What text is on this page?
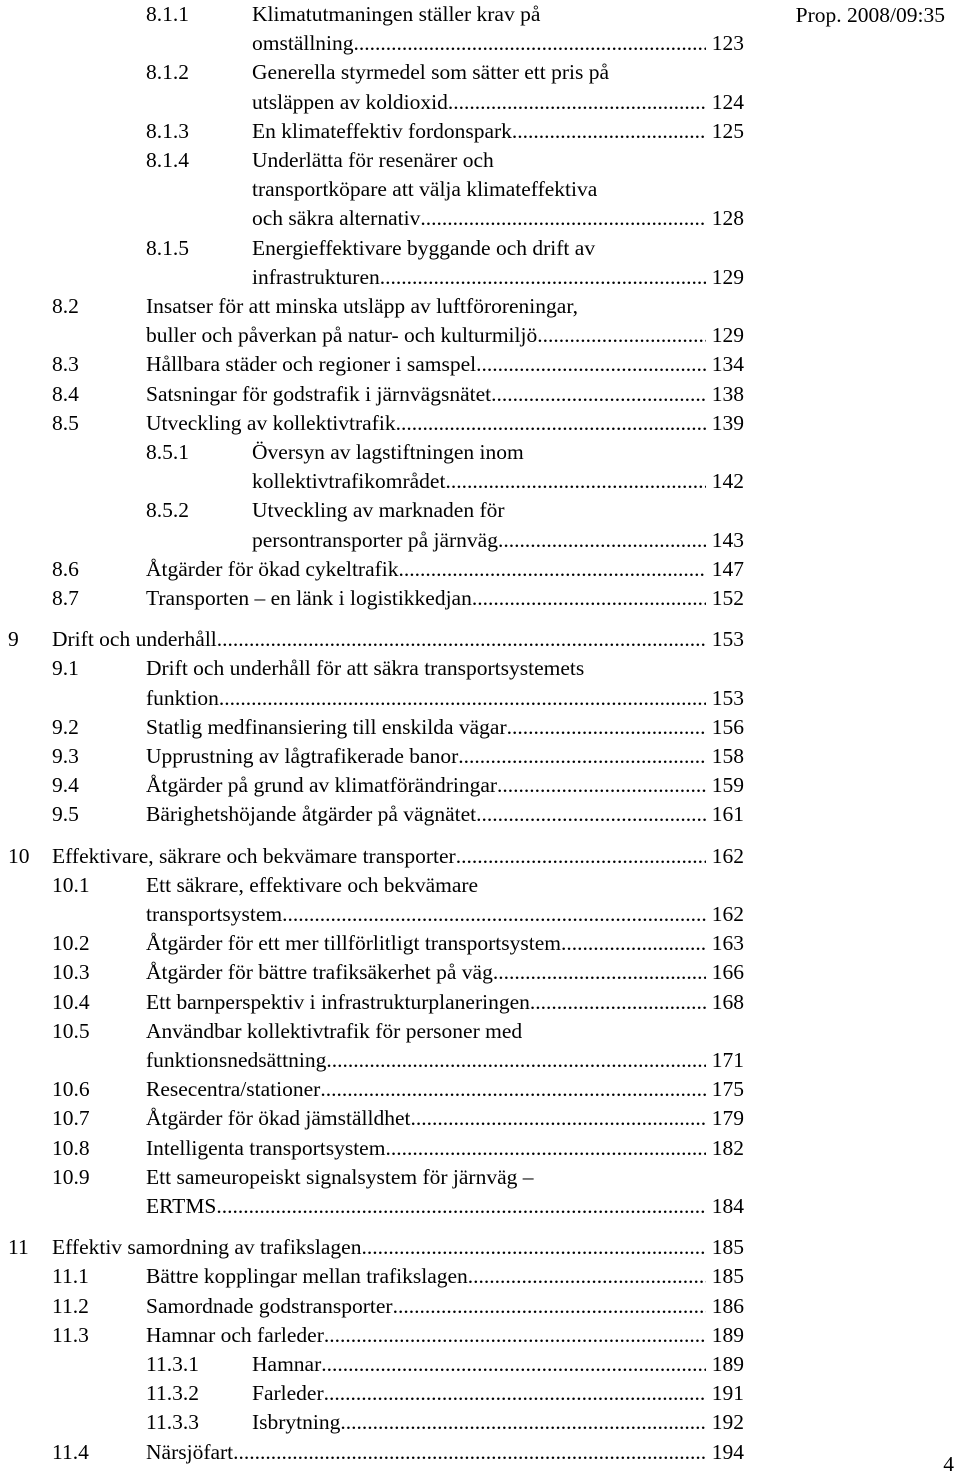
Prop. 2008/09:35
8.1.1	Klimatutmaningen ställer krav på
omställning .....	123
8.1.2	Generella styrmedel som sätter ett pris på
utsläppen av koldioxid .....	124
8.1.3	En klimateffektiv fordonspark .....	125
8.1.4	Underlätta för resenärer och
transportköpare att välja klimateffektiva
och säkra alternativ .....	128
8.1.5	Energieffektivare byggande och drift av
infrastrukturen .....	129
8.2	Insatser för att minska utsläpp av luftföroreningar,
buller och påverkan på natur- och kulturmiljö .....	129
8.3	Hållbara städer och regioner i samspel .....	134
8.4	Satsningar för godstrafik i järnvägsnätet .....	138
8.5	Utveckling av kollektivtrafik .....	139
8.5.1	Översyn av lagstiftningen inom
kollektivtrafikområdet .....	142
8.5.2	Utveckling av marknaden för
persontransporter på järnväg .....	143
8.6	Åtgärder för ökad cykeltrafik .....	147
8.7	Transporten – en länk i logistikkedjan .....	152
9 Drift och underhåll .....	153
9.1	Drift och underhåll för att säkra transportsystemets
funktion .....	153
9.2	Statlig medfinansiering till enskilda vägar .....	156
9.3	Upprustning av lågtrafikerade banor .....	158
9.4	Åtgärder på grund av klimatförändringar .....	159
9.5	Bärighetshöjande åtgärder på vägnätet .....	161
10 Effektivare, säkrare och bekvämare transporter .....	162
10.1	Ett säkrare, effektivare och bekvämare
transportsystem .....	162
10.2	Åtgärder för ett mer tillförlitligt transportsystem .....	163
10.3	Åtgärder för bättre trafiksäkerhet på väg .....	166
10.4	Ett barnperspektiv i infrastrukturplaneringen .....	168
10.5	Användbar kollektivtrafik för personer med
funktionsnedsättning .....	171
10.6	Resecentra/stationer .....	175
10.7	Åtgärder för ökad jämställdhet .....	179
10.8	Intelligenta transportsystem .....	182
10.9	Ett sameuropeiskt signalsystem för järnväg –
ERTMS .....	184
11 Effektiv samordning av trafikslagen .....	185
11.1	Bättre kopplingar mellan trafikslagen .....	185
11.2	Samordnade godstransporter .....	186
11.3	Hamnar och farleder .....	189
11.3.1 Hamnar .....	189
11.3.2 Farleder .....	191
11.3.3 Isbrytning .....	192
11.4	Närsjöfart .....	194
4
